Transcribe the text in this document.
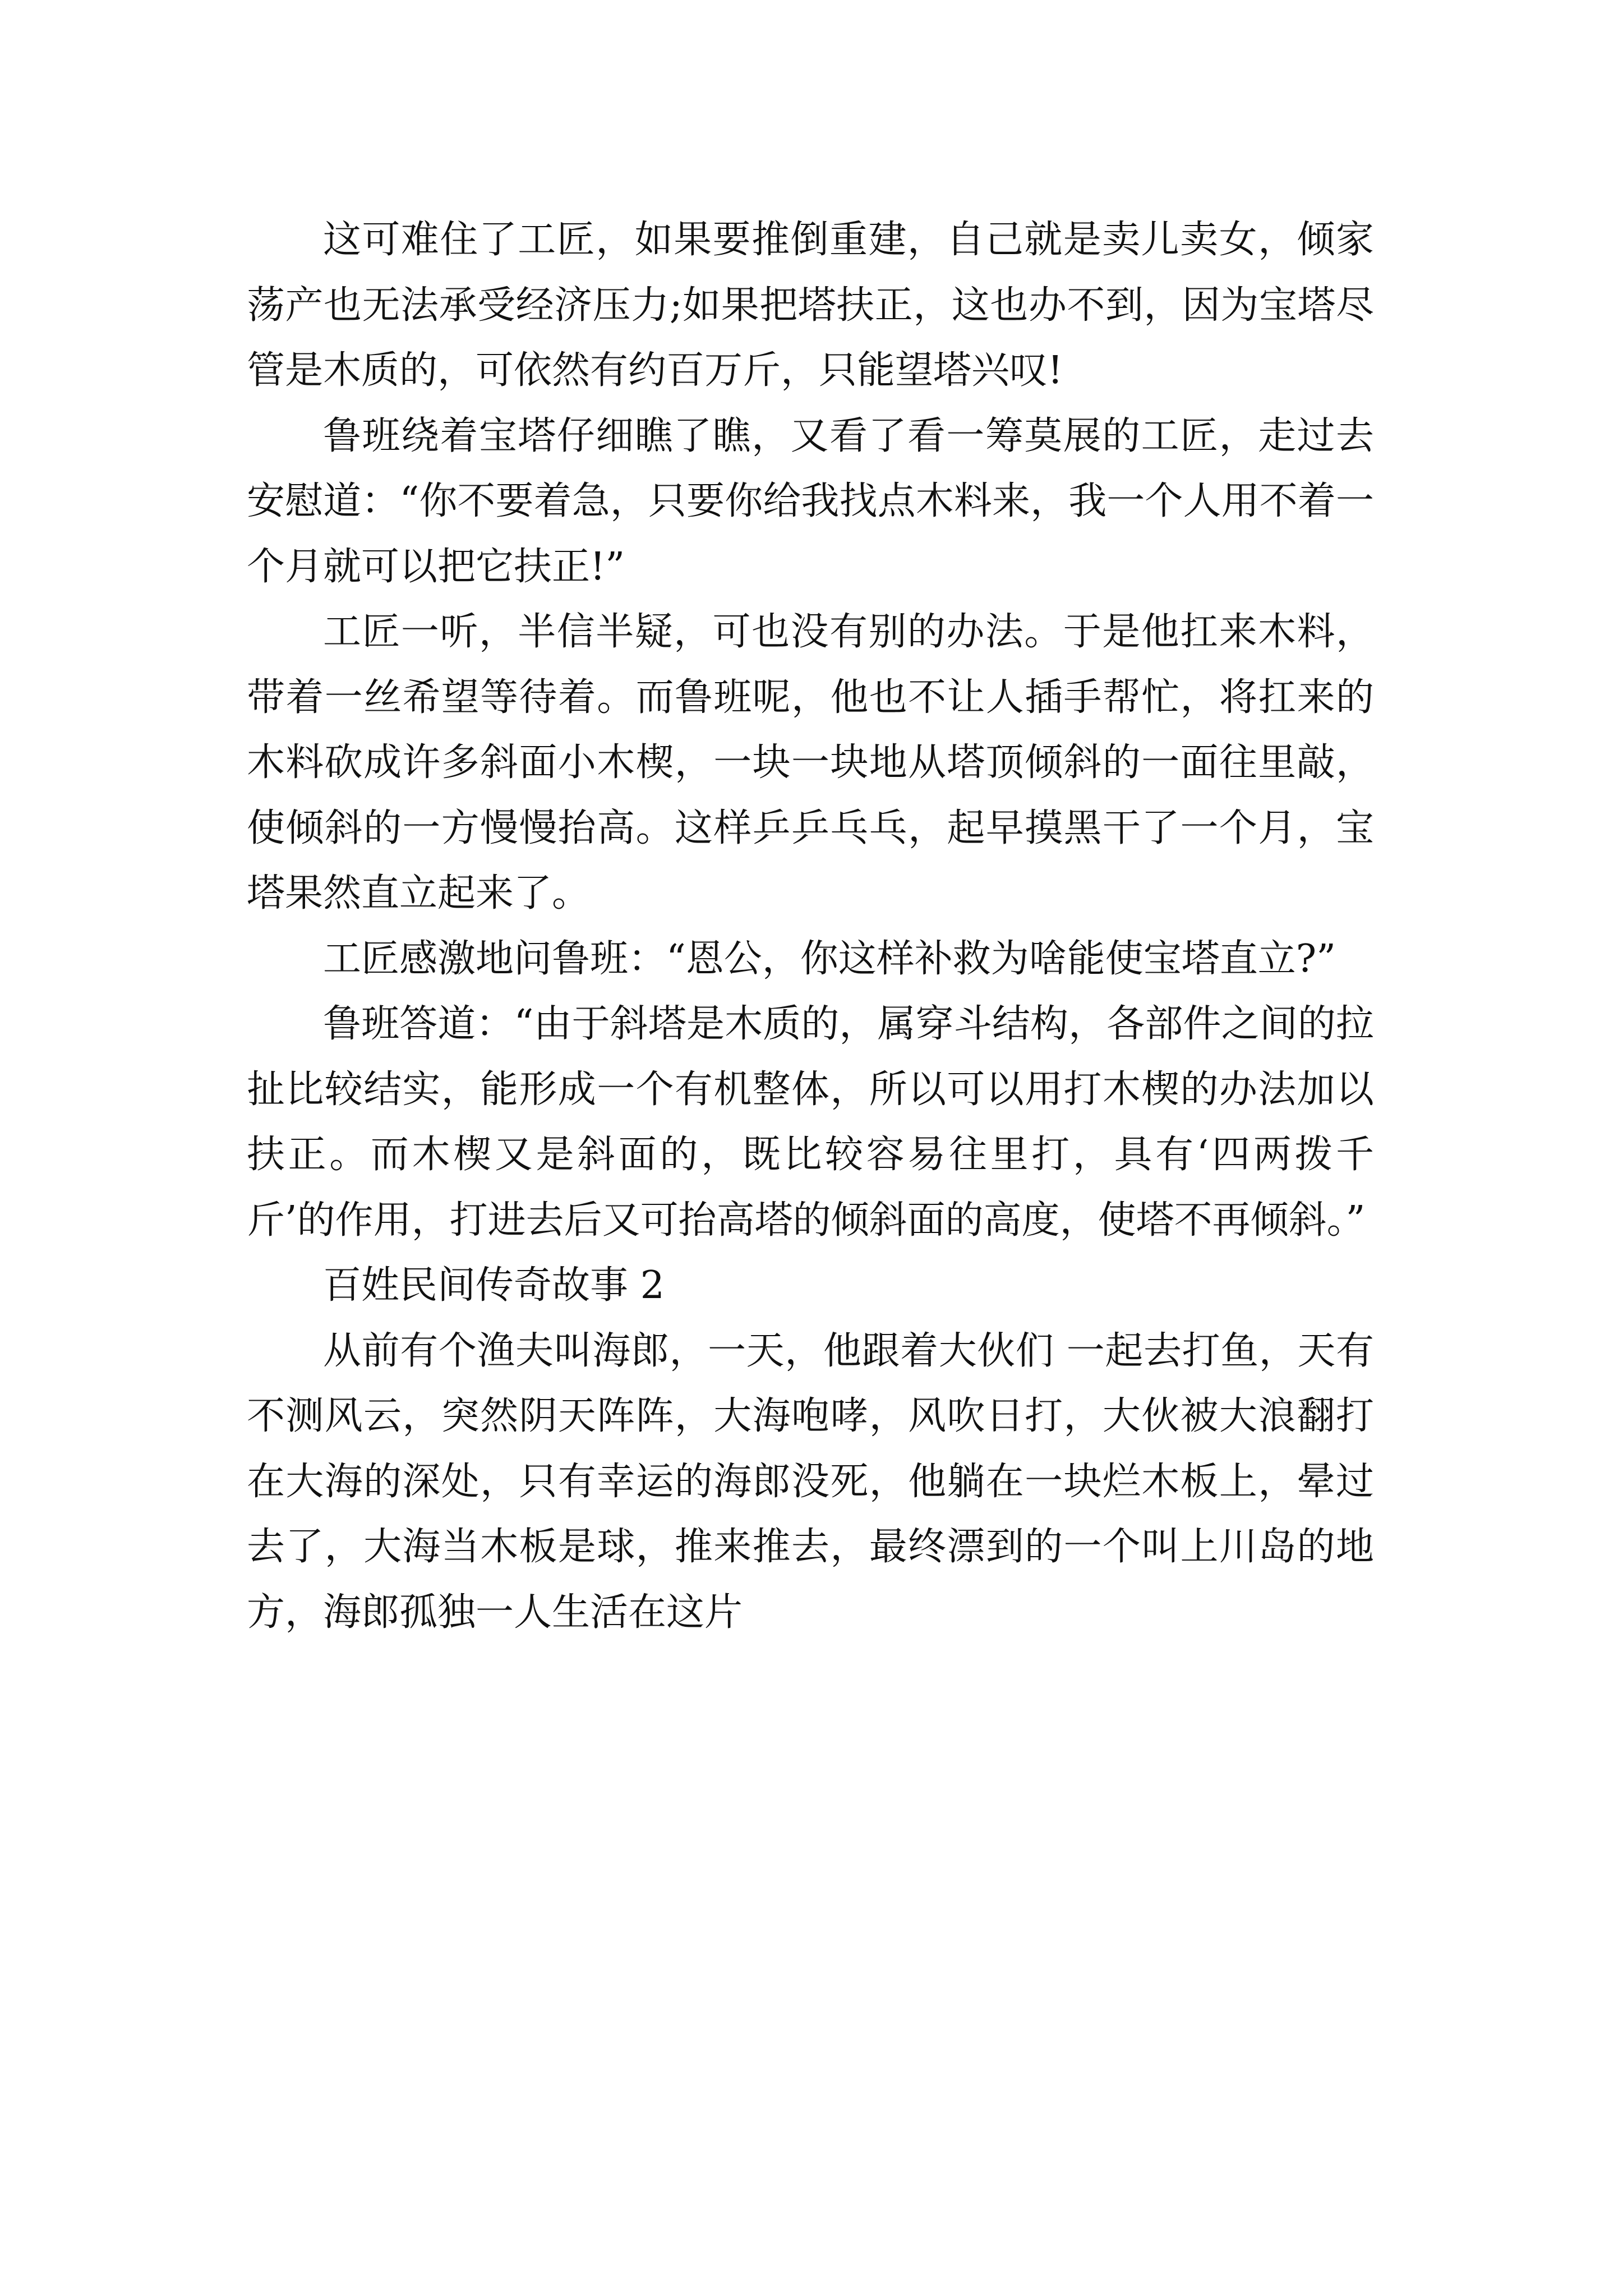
这可难住了工匠，如果要推倒重建，自己就是卖儿卖女，倾家荡产也无法承受经济压力;如果把塔扶正，这也办不到，因为宝塔尽管是木质的，可依然有约百万斤，只能望塔兴叹!

鲁班绕着宝塔仔细瞧了瞧，又看了看一筹莫展的工匠，走过去安慰道：“你不要着急，只要你给我找点木料来，我一个人用不着一个月就可以把它扶正!”

工匠一听，半信半疑，可也没有别的办法。于是他扛来木料，带着一丝希望等待着。而鲁班呢，他也不让人插手帮忙，将扛来的木料砍成许多斜面小木楔，一块一块地从塔顶倾斜的一面往里敲，使倾斜的一方慢慢抬高。这样乒乒乓乓，起早摸黑干了一个月，宝塔果然直立起来了。

工匠感激地问鲁班：“恩公，你这样补救为啥能使宝塔直立?”

鲁班答道：“由于斜塔是木质的，属穿斗结构，各部件之间的拉扯比较结实，能形成一个有机整体，所以可以用打木楔的办法加以扶正。而木楔又是斜面的，既比较容易往里打，具有‘四两拨千斤’的作用，打进去后又可抬高塔的倾斜面的高度，使塔不再倾斜。”

百姓民间传奇故事 2

从前有个渔夫叫海郎，一天，他跟着大伙们 一起去打鱼，天有不测风云，突然阴天阵阵，大海咆哮，风吹日打，大伙被大浪翻打在大海的深处，只有幸运的海郎没死，他躺在一块烂木板上，晕过去了，大海当木板是球，推来推去，最终漂到的一个叫上川岛的地方，海郎孤独一人生活在这片
